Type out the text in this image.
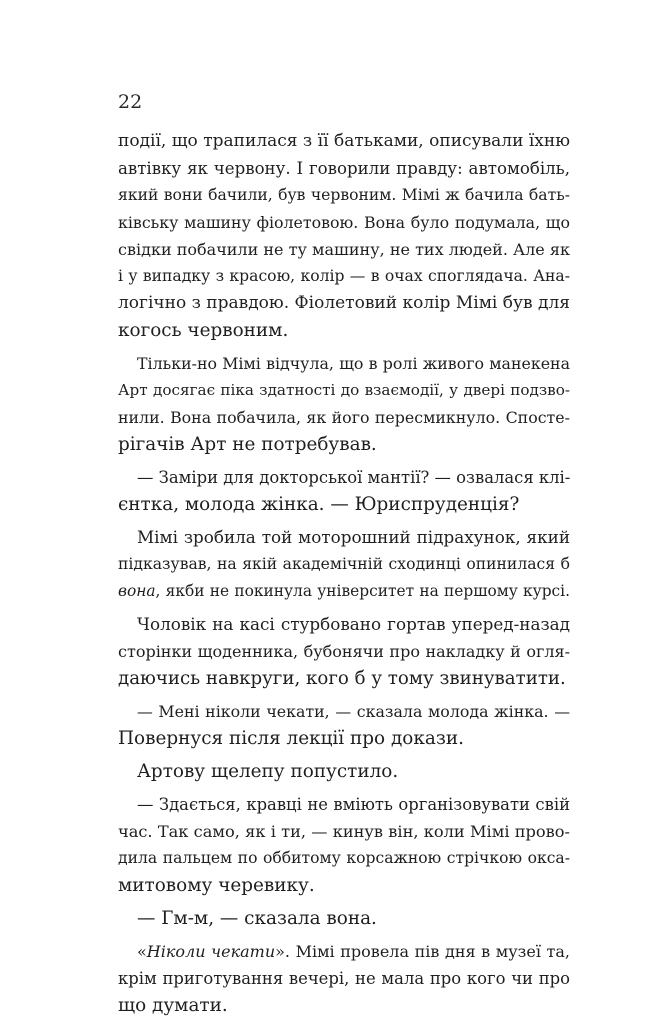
22
події, що трапилася з її батьками, описували їхню
автівку як червону. І говорили правду: автомобіль,
який вони бачили, був червоним. Мімі ж бачила бать-
ківську машину фіолетовою. Вона було подумала, що
свідки побачили не ту машину, не тих людей. Але як
і у випадку з красою, колір — в очах споглядача. Ана-
логічно з правдою. Фіолетовий колір Мімі був для
когось червоним.
Тільки-но Мімі відчула, що в ролі живого манекена
Арт досягає піка здатності до взаємодії, у двері подзво-
нили. Вона побачила, як його пересмикнуло. Спосте-
рігачів Арт не потребував.
— Заміри для докторської мантії? — озвалася клі-
єнтка, молода жінка. — Юриспруденція?
Мімі зробила той моторошний підрахунок, який
підказував, на якій академічній сходинці опинилася б
вона, якби не покинула університет на першому курсі.
Чоловік на касі стурбовано гортав уперед-назад
сторінки щоденника, бубонячи про накладку й огля-
даючись навкруги, кого б у тому звинуватити.
— Мені ніколи чекати, — сказала молода жінка. —
Повернуся після лекції про докази.
Артову щелепу попустило.
— Здається, кравці не вміють організовувати свій
час. Так само, як і ти, — кинув він, коли Мімі прово-
дила пальцем по оббитому корсажною стрічкою окса-
митовому черевику.
— Гм-м, — сказала вона.
«Ніколи чекати». Мімі провела пів дня в музеї та,
крім приготування вечері, не мала про кого чи про
що думати.
